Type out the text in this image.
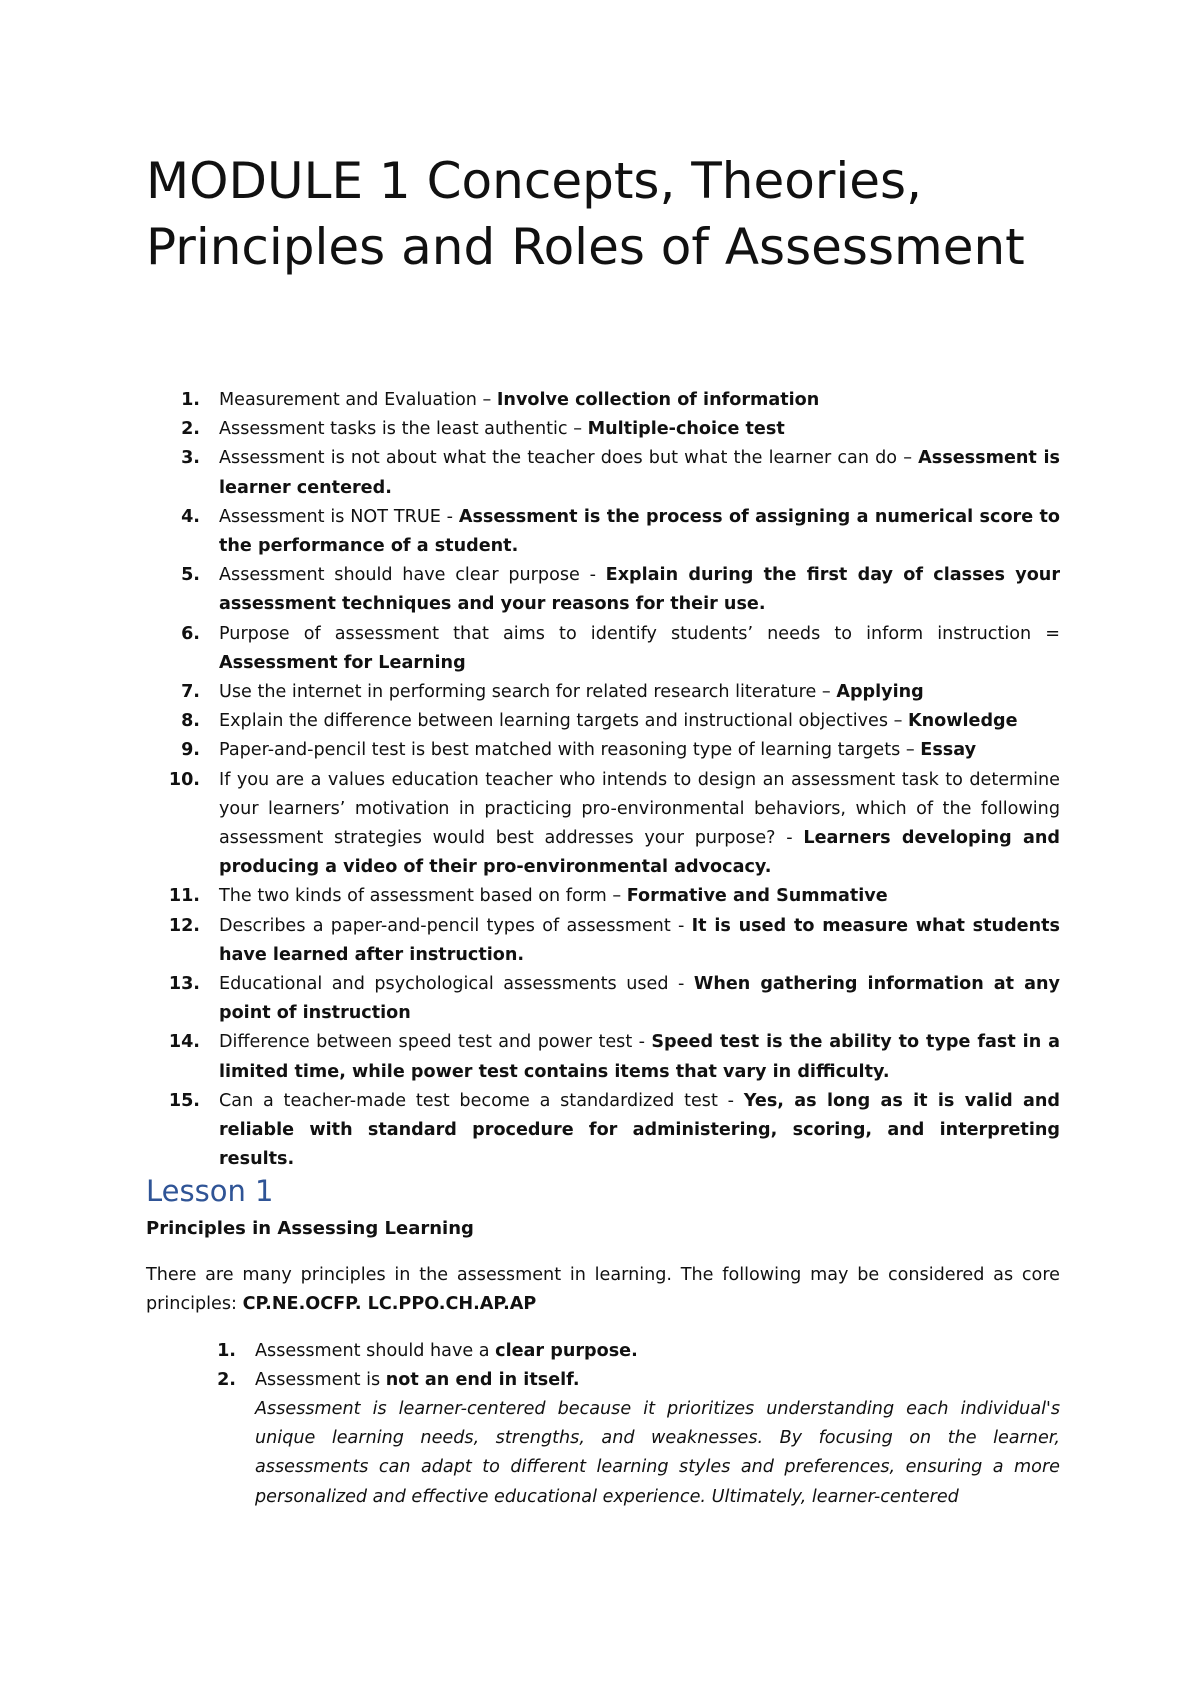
MODULE 1 Concepts, Theories, Principles and Roles of Assessment
1. Measurement and Evaluation – Involve collection of information
2. Assessment tasks is the least authentic – Multiple-choice test
3. Assessment is not about what the teacher does but what the learner can do – Assessment is learner centered.
4. Assessment is NOT TRUE - Assessment is the process of assigning a numerical score to the performance of a student.
5. Assessment should have clear purpose - Explain during the first day of classes your assessment techniques and your reasons for their use.
6. Purpose of assessment that aims to identify students’ needs to inform instruction = Assessment for Learning
7. Use the internet in performing search for related research literature – Applying
8. Explain the difference between learning targets and instructional objectives – Knowledge
9. Paper-and-pencil test is best matched with reasoning type of learning targets – Essay
10. If you are a values education teacher who intends to design an assessment task to determine your learners’ motivation in practicing pro-environmental behaviors, which of the following assessment strategies would best addresses your purpose? - Learners developing and producing a video of their pro-environmental advocacy.
11. The two kinds of assessment based on form – Formative and Summative
12. Describes a paper-and-pencil types of assessment - It is used to measure what students have learned after instruction.
13. Educational and psychological assessments used - When gathering information at any point of instruction
14. Difference between speed test and power test - Speed test is the ability to type fast in a limited time, while power test contains items that vary in difficulty.
15. Can a teacher-made test become a standardized test - Yes, as long as it is valid and reliable with standard procedure for administering, scoring, and interpreting results.
Lesson 1
Principles in Assessing Learning

There are many principles in the assessment in learning. The following may be considered as core principles: CP.NE.OCFP. LC.PPO.CH.AP.AP

1. Assessment should have a clear purpose.
2. Assessment is not an end in itself.

Assessment is learner-centered because it prioritizes understanding each individual's unique learning needs, strengths, and weaknesses. By focusing on the learner, assessments can adapt to different learning styles and preferences, ensuring a more personalized and effective educational experience. Ultimately, learner-centered
